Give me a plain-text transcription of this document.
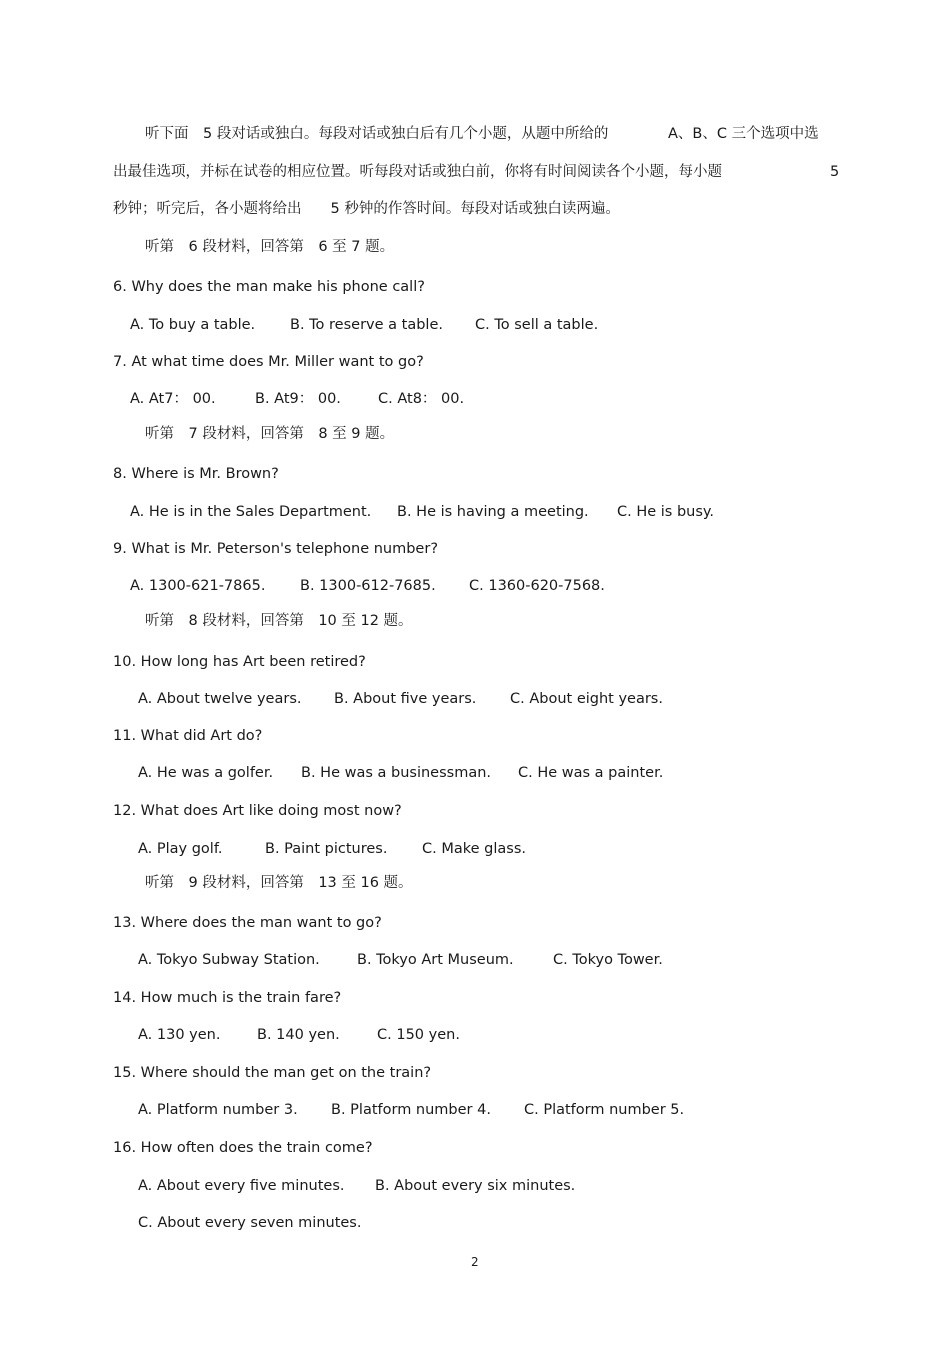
听下面　5 段对话或独白。每段对话或独白后有几个小题，从题中所给的	A、B、C 三个选项中选
出最佳选项，并标在试卷的相应位置。听每段对话或独白前，你将有时间阅读各个小题，每小题	5
秒钟；听完后，各小题将给出　　5 秒钟的作答时间。每段对话或独白读两遍。
听第　6 段材料，回答第　6 至 7 题。
6. Why does the man make his phone call?
A. To buy a table. B. To reserve a table. C. To sell a table.
7. At what time does Mr. Miller want to go?
A. At7： 00.	B. At9： 00.	C. At8： 00.
听第　7 段材料，回答第　8 至 9 题。
8. Where is Mr. Brown?
A. He is in the Sales Department. B. He is having a meeting. C. He is busy.
9. What is Mr. Peterson's telephone number?
A. 1300-621-7865. B. 1300-612-7685. C. 1360-620-7568.
听第　8 段材料，回答第　10 至 12 题。
10. How long has Art been retired?
A. About twelve years. B. About five years. C. About eight years.
11. What did Art do?
A. He was a golfer. B. He was a businessman. C. He was a painter.
12. What does Art like doing most now?
A. Play golf.	B. Paint pictures. C. Make glass.
听第　9 段材料，回答第　13 至 16 题。
13. Where does the man want to go?
A. Tokyo Subway Station.	B. Tokyo Art Museum.	C. Tokyo Tower.
14. How much is the train fare?
A. 130 yen.	B. 140 yen.	C. 150 yen.
15. Where should the man get on the train?
A. Platform number 3. B. Platform number 4. C. Platform number 5.
16. How often does the train come?
A. About every five minutes. B. About every six minutes.
C. About every seven minutes.
2
